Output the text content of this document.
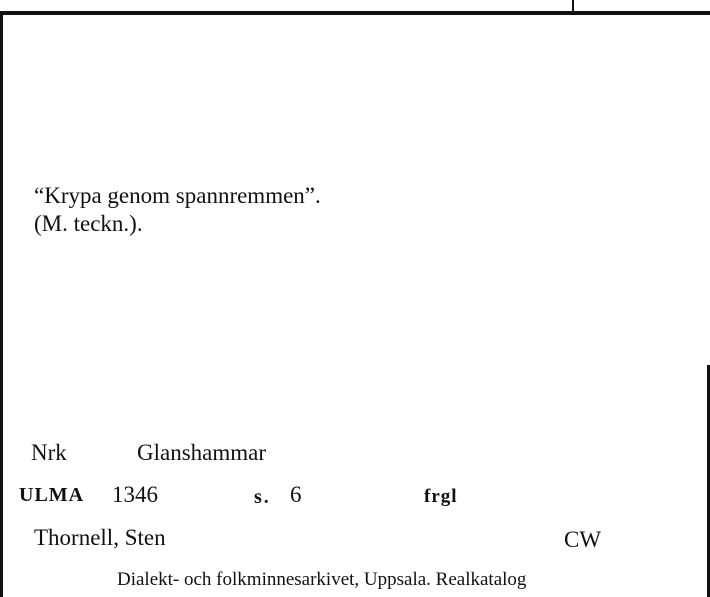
“Krypa genom spannremmen”.
(M. teckn.).
Nrk	Glanshammar
ULMA 1346	s. 6	frgl
Thornell, Sten	CW
Dialekt- och folkminnesarkivet, Uppsala. Realkatalog
